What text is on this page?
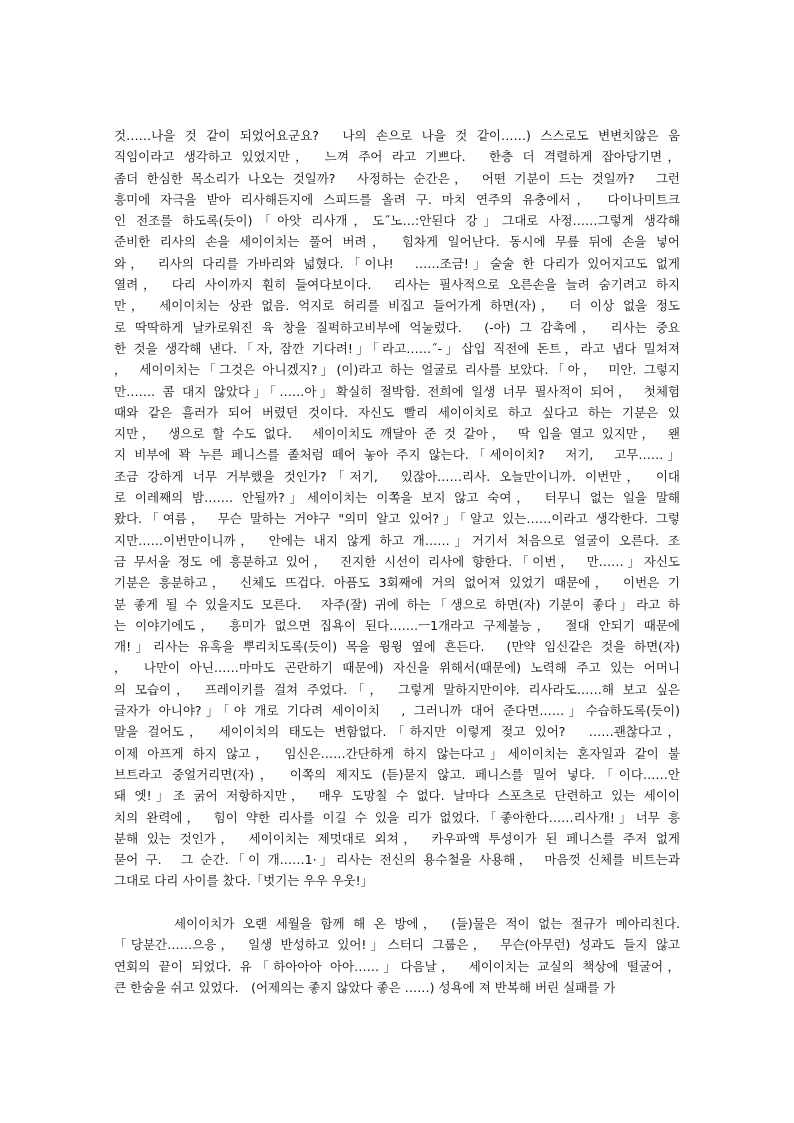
것……나을 것 같이 되었어요군요?　나의 손으로 나을 것 같이……) 스스로도 변변치않은 움
직임이라고 생각하고 있었지만，　느껴 주어 라고 기쁘다.　한층 더 격렬하게 잡아당기면，
좀더 한심한 목소리가 나오는 것일까?　사정하는 순간은，　어떤 기분이 드는 것일까?　그런
흥미에 자극을 받아 리사해든지에 스피드를 올려 구. 마치 연주의 유충에서，　다이나미트크
인 전조를 하도록(듯이)「아앗 리사개，도˝노…:안된다 강」그대로 사정……그렇게 생각해
준비한 리사의 손을 세이이치는 풀어 버려，　힘차게 일어난다. 동시에 무릎 뒤에 손을 넣어
와，　리사의 다리를 가바리와 넓혔다.「이냐!　……조금!」술술 한 다리가 있어지고도 없게
열려，　다리 사이까지 훤히 들여다보이다.　리사는 필사적으로 오른손을 늘려 숨기려고 하지
만，　세이이치는 상관 없음. 억지로 허리를 비집고 들어가게 하면(자)，　더 이상 없을 정도
로 딱딱하게 날카로워진 육 창을 질퍽하고비부에 억눌렀다.　(-아) 그 감촉에，　리사는 중요
한 것을 생각해 낸다.「자, 잠깐 기다려!」「라고……˝-」삽입 직전에 돈트，라고 냅다 밀쳐져
，　세이이치는「그것은 아니겠지?」(이)라고 하는 얼굴로 리사를 보았다.「아，　미안. 그렇지
만……. 콤 대지 않았다」「……아」확실히 절박함. 전희에 일생 너무 필사적이 되어，　첫체험
때와 같은 흘러가 되어 버렸던 것이다. 자신도 빨리 세이이치로 하고 싶다고 하는 기분은 있
지만，　생으로 할 수도 없다.　세이이치도 깨달아 준 것 같아，　딱 입을 열고 있지만，　왠
지 비부에 꽉 누른 페니스를 졸처럼 떼어 놓아 주지 않는다.「세이이치?　저기,　고무……」
조금 강하게 너무 거부했을 것인가?「저기,　있잖아……리사. 오늘만이니까. 이번만，　이대
로 이레째의 밤……. 안될까?」세이이치는 이쪽을 보지 않고 숙여，　터무니 없는 일을 말해
왔다.「여름，　무슨 말하는 거야구 "의미 알고 있어?」「알고 있는……이라고 생각한다. 그렇
지만……이번만이니까，　안에는 내지 않게 하고 개……」거기서 처음으로 얼굴이 오른다. 조
금 무서울 정도 에 흥분하고 있어，　진지한 시선이 리사에 향한다.「이번，　만……」자신도
기분은 흥분하고，　신체도 뜨겁다. 아픔도 3회째에 거의 없어져 있었기 때문에，　이번은 기
분 좋게 될 수 있을지도 모른다.　자주(잘) 귀에 하는「생으로 하면(자) 기분이 좋다」라고 하
는 이야기에도，　흥미가 없으면 집욕이 된다…….ㅡ1개라고 구제불능，　절대 안되기 때문에
개!」리사는 유혹을 뿌리치도록(듯이) 목을 윙윙 옆에 흔든다.　(만약 임신같은 것을 하면(자)
，　나만이 아닌……마마도 곤란하기 때문에) 자신을 위해서(때문에) 노력해 주고 있는 어머니
의 모습이，　프레이키를 걸쳐 주었다.「，　그렇게 말하지만이야. 리사라도……해 보고 싶은
글자가 아니야?」「야 개로 기다려 세이이치　, 그러니까 대어 준다면……」수습하도록(듯이)
말을 걸어도，　세이이치의 태도는 변함없다.「하지만 이렇게 젖고 있어?　……괜찮다고，
이제 아프게 하지 않고，　임신은……간단하게 하지 않는다고」세이이치는 혼자일과 같이 불
브트라고 중얼거리면(자)，　이쪽의 제지도 (듣)묻지 않고. 페니스를 밀어 넣다.「이다……안
돼 엣!」조 굵어 저항하지만，　매우 도망칠 수 없다. 날마다 스포츠로 단련하고 있는 세이이
치의 완력에，　힘이 약한 리사를 이길 수 있을 리가 없었다.「좋아한다……리사개!」너무 흥
분해 있는 것인가，　세이이치는 제멋대로 외쳐，　카우파액 투성이가 된 페니스를 주저 없게
묻어 구.　그 순간.「이 개……1·」리사는 전신의 용수철을 사용해，　마음껏 신체를 비트는과
그대로 다리 사이를 찼다.「벗기는 우우 우웃!」
세이이치가 오랜 세월을 함께 해 온 방에，　(들)물은 적이 없는 절규가 메아리친다.
「당분간……으응，　일생 반성하고 있어!」스터디 그룹은，　무슨(아무런) 성과도 들지 않고
연회의 끝이 되었다. 유「하아아아 아아……」다음날，　세이이치는 교실의 책상에 떨굴어，
큰 한숨을 쉬고 있었다.　(어제의는 좋지 않았다 좋은 ……) 성욕에 져 반복해 버린 실패를 가
